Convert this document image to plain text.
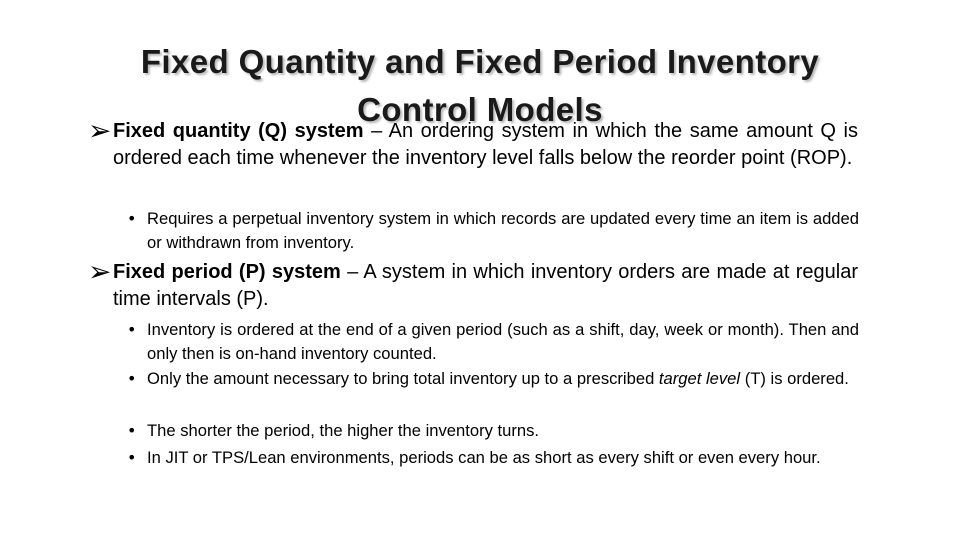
Fixed Quantity and Fixed Period Inventory
Control Models
➢ Fixed quantity (Q) system – An ordering system in which the same amount Q is ordered each time whenever the inventory level falls below the reorder point (ROP).

• Requires a perpetual inventory system in which records are updated every time an item is added or withdrawn from inventory.

➢ Fixed period (P) system – A system in which inventory orders are made at regular time intervals (P).

• Inventory is ordered at the end of a given period (such as a shift, day, week or month). Then and only then is on-hand inventory counted.

• Only the amount necessary to bring total inventory up to a prescribed target level (T) is ordered.

• The shorter the period, the higher the inventory turns.

• In JIT or TPS/Lean environments, periods can be as short as every shift or even every hour.
